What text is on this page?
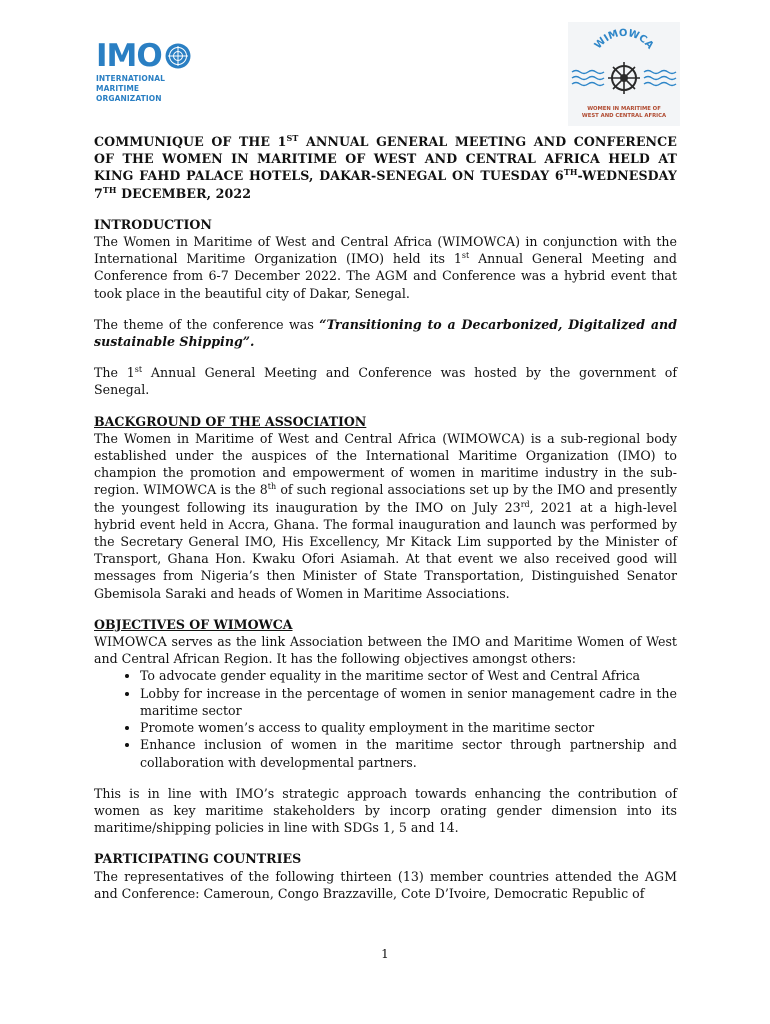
IMO
INTERNATIONAL
MARITIME
ORGANIZATION
WIMOWCA
WOMEN IN MARITIME OF
WEST AND CENTRAL AFRICA
COMMUNIQUE OF THE 1ST ANNUAL GENERAL MEETING AND CONFERENCE OF THE WOMEN IN MARITIME OF WEST AND CENTRAL AFRICA HELD AT KING FAHD PALACE HOTELS, DAKAR-SENEGAL ON TUESDAY 6TH-WEDNESDAY 7TH DECEMBER, 2022
INTRODUCTION

The Women in Maritime of West and Central Africa (WIMOWCA) in conjunction with the International Maritime Organization (IMO) held its 1st Annual General Meeting and Conference from 6-7 December 2022. The AGM and Conference was a hybrid event that took place in the beautiful city of Dakar, Senegal.

The theme of the conference was “Transitioning to a Decarbonized, Digitalized and sustainable Shipping”.

The 1st Annual General Meeting and Conference was hosted by the government of Senegal.

BACKGROUND OF THE ASSOCIATION

The Women in Maritime of West and Central Africa (WIMOWCA) is a sub-regional body established under the auspices of the International Maritime Organization (IMO) to champion the promotion and empowerment of women in maritime industry in the sub-region. WIMOWCA is the 8th of such regional associations set up by the IMO and presently the youngest following its inauguration by the IMO on July 23rd, 2021 at a high-level hybrid event held in Accra, Ghana. The formal inauguration and launch was performed by the Secretary General IMO, His Excellency, Mr Kitack Lim supported by the Minister of Transport, Ghana Hon. Kwaku Ofori Asiamah. At that event we also received good will messages from Nigeria’s then Minister of State Transportation, Distinguished Senator Gbemisola Saraki and heads of Women in Maritime Associations.

OBJECTIVES OF WIMOWCA

WIMOWCA serves as the link Association between the IMO and Maritime Women of West and Central African Region. It has the following objectives amongst others:

• To advocate gender equality in the maritime sector of West and Central Africa
• Lobby for increase in the percentage of women in senior management cadre in the maritime sector
• Promote women’s access to quality employment in the maritime sector
• Enhance inclusion of women in the maritime sector through partnership and collaboration with developmental partners.

This is in line with IMO’s strategic approach towards enhancing the contribution of women as key maritime stakeholders by incorp orating gender dimension into its maritime/shipping policies in line with SDGs 1, 5 and 14.

PARTICIPATING COUNTRIES

The representatives of the following thirteen (13) member countries attended the AGM and Conference: Cameroun, Congo Brazzaville, Cote D’Ivoire, Democratic Republic of

1
